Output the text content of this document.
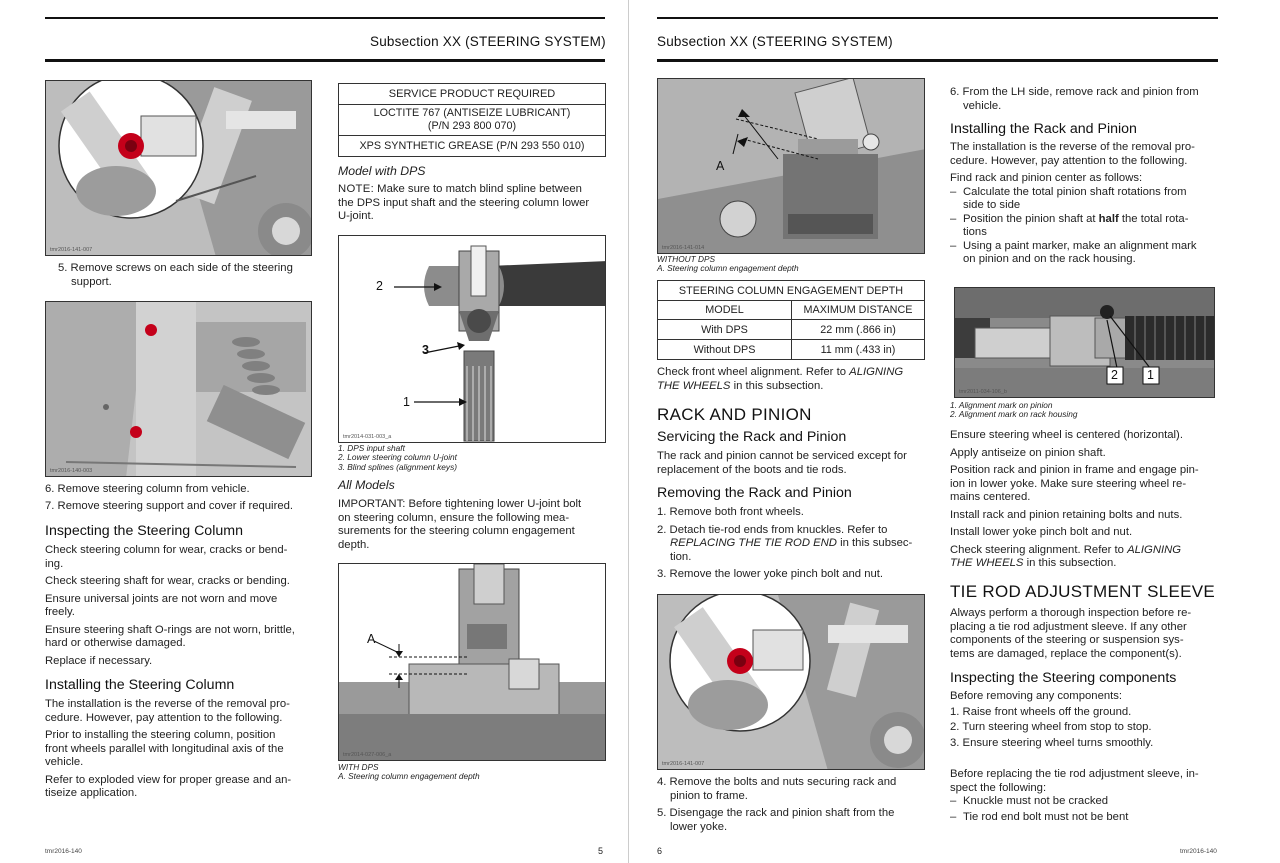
Subsection XX (STEERING SYSTEM)	Subsection XX (STEERING SYSTEM)
tmr2016-141-007
5. Remove screws on each side of the steering
support.
tmr2016-140-003
6. Remove steering column from vehicle.
7. Remove steering support and cover if required.
Inspecting the Steering Column
Check steering column for wear, cracks or bend-
ing.
Check steering shaft for wear, cracks or bending.
Ensure universal joints are not worn and move
freely.
Ensure steering shaft O-rings are not worn, brittle,
hard or otherwise damaged.
Replace if necessary.
Installing the Steering Column
The installation is the reverse of the removal pro-
cedure. However, pay attention to the following.
Prior to installing the steering column, position
front wheels parallel with longitudinal axis of the
vehicle.
Refer to exploded view for proper grease and an-
tiseize application.
SERVICE PRODUCT REQUIRED

LOCTITE 767 (ANTISEIZE LUBRICANT)
(P/N 293 800 070)

XPS SYNTHETIC GREASE (P/N 293 550 010)
Model with DPS
NOTE: Make sure to match blind spline between
the DPS input shaft and the steering column lower
U-joint.
2
3
1
tmr2014-031-003_a
1. DPS input shaft
2. Lower steering column U-joint
3. Blind splines (alignment keys)
All Models
IMPORTANT: Before tightening lower U-joint bolt
on steering column, ensure the following mea-
surements for the steering column engagement
depth.
A
tmr2014-027-006_a
WITH DPS
A. Steering column engagement depth
A
tmr2016-141-014
WITHOUT DPS
A. Steering column engagement depth
STEERING COLUMN ENGAGEMENT DEPTH	
MODEL	MAXIMUM DISTANCE
With DPS	22 mm (.866 in)
Without DPS	11 mm (.433 in)
Check front wheel alignment. Refer to ALIGNING
THE WHEELS in this subsection.
RACK AND PINION
Servicing the Rack and Pinion
The rack and pinion cannot be serviced except for
replacement of the boots and tie rods.
Removing the Rack and Pinion
1. Remove both front wheels.
2. Detach tie-rod ends from knuckles. Refer to
REPLACING THE TIE ROD END in this subsec-
tion.
3. Remove the lower yoke pinch bolt and nut.
tmr2016-141-007
4. Remove the bolts and nuts securing rack and
pinion to frame.
5. Disengage the rack and pinion shaft from the
lower yoke.
6. From the LH side, remove rack and pinion from
vehicle.
Installing the Rack and Pinion
The installation is the reverse of the removal pro-
cedure. However, pay attention to the following.
Find rack and pinion center as follows:
– Calculate the total pinion shaft rotations from
side to side
– Position the pinion shaft at half the total rota-
tions
– Using a paint marker, make an alignment mark
on pinion and on the rack housing.
2 1
tmr2011-034-106_b
1. Alignment mark on pinion
2. Alignment mark on rack housing
Ensure steering wheel is centered (horizontal).
Apply antiseize on pinion shaft.
Position rack and pinion in frame and engage pin-
ion in lower yoke. Make sure steering wheel re-
mains centered.
Install rack and pinion retaining bolts and nuts.
Install lower yoke pinch bolt and nut.
Check steering alignment. Refer to ALIGNING
THE WHEELS in this subsection.
TIE ROD ADJUSTMENT SLEEVE
Always perform a thorough inspection before re-
placing a tie rod adjustment sleeve. If any other
components of the steering or suspension sys-
tems are damaged, replace the component(s).
Inspecting the Steering components
Before removing any components:
1. Raise front wheels off the ground.
2. Turn steering wheel from stop to stop.
3. Ensure steering wheel turns smoothly.
Before replacing the tie rod adjustment sleeve, in-
spect the following:
– Knuckle must not be cracked
– Tie rod end bolt must not be bent
tmr2016-140	5	6	tmr2016-140
